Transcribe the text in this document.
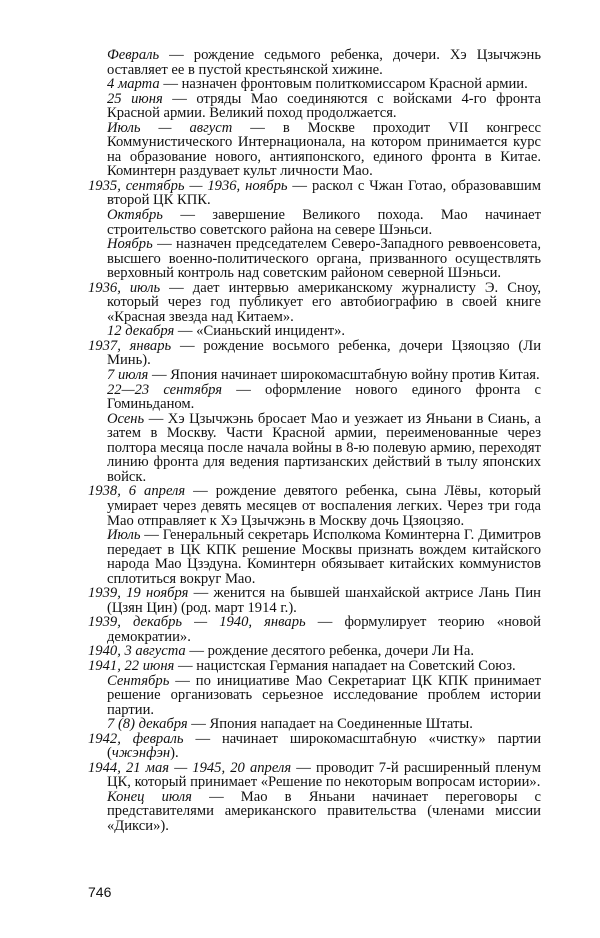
Февраль — рождение седьмого ребенка, дочери. Хэ Цзычжэнь оставляет ее в пустой крестьянской хижине.

4 марта — назначен фронтовым политкомиссаром Красной армии.

25 июня — отряды Мао соединяются с войсками 4-го фронта Красной армии. Великий поход продолжается.

Июль — август — в Москве проходит VII конгресс Коммунистического Интернационала, на котором принимается курс на образование нового, антияпонского, единого фронта в Китае. Коминтерн раздувает культ личности Мао.

1935, сентябрь — 1936, ноябрь — раскол с Чжан Готао, образовавшим второй ЦК КПК.

Октябрь — завершение Великого похода. Мао начинает строительство советского района на севере Шэньси.

Ноябрь — назначен председателем Северо-Западного реввоенсовета, высшего военно-политического органа, призванного осуществлять верховный контроль над советским районом северной Шэньси.

1936, июль — дает интервью американскому журналисту Э. Сноу, который через год публикует его автобиографию в своей книге «Красная звезда над Китаем».

12 декабря — «Сианьский инцидент».

1937, январь — рождение восьмого ребенка, дочери Цзяоцзяо (Ли Минь).

7 июля — Япония начинает широкомасштабную войну против Китая.

22—23 сентября — оформление нового единого фронта с Гоминьданом.

Осень — Хэ Цзычжэнь бросает Мао и уезжает из Яньани в Сиань, а затем в Москву. Части Красной армии, переименованные через полтора месяца после начала войны в 8-ю полевую армию, переходят линию фронта для ведения партизанских действий в тылу японских войск.

1938, 6 апреля — рождение девятого ребенка, сына Лёвы, который умирает через девять месяцев от воспаления легких. Через три года Мао отправляет к Хэ Цзычжэнь в Москву дочь Цзяоцзяо.

Июль — Генеральный секретарь Исполкома Коминтерна Г. Димитров передает в ЦК КПК решение Москвы признать вождем китайского народа Мао Цзэдуна. Коминтерн обязывает китайских коммунистов сплотиться вокруг Мао.

1939, 19 ноября — женится на бывшей шанхайской актрисе Лань Пин (Цзян Цин) (род. март 1914 г.).

1939, декабрь — 1940, январь — формулирует теорию «новой демократии».

1940, 3 августа — рождение десятого ребенка, дочери Ли На.

1941, 22 июня — нацистская Германия нападает на Советский Союз.

Сентябрь — по инициативе Мао Секретариат ЦК КПК принимает решение организовать серьезное исследование проблем истории партии.

7 (8) декабря — Япония нападает на Соединенные Штаты.

1942, февраль — начинает широкомасштабную «чистку» партии (чжэнфэн).

1944, 21 мая — 1945, 20 апреля — проводит 7-й расширенный пленум ЦК, который принимает «Решение по некоторым вопросам истории».

Конец июля — Мао в Яньани начинает переговоры с представителями американского правительства (членами миссии «Дикси»).

746
